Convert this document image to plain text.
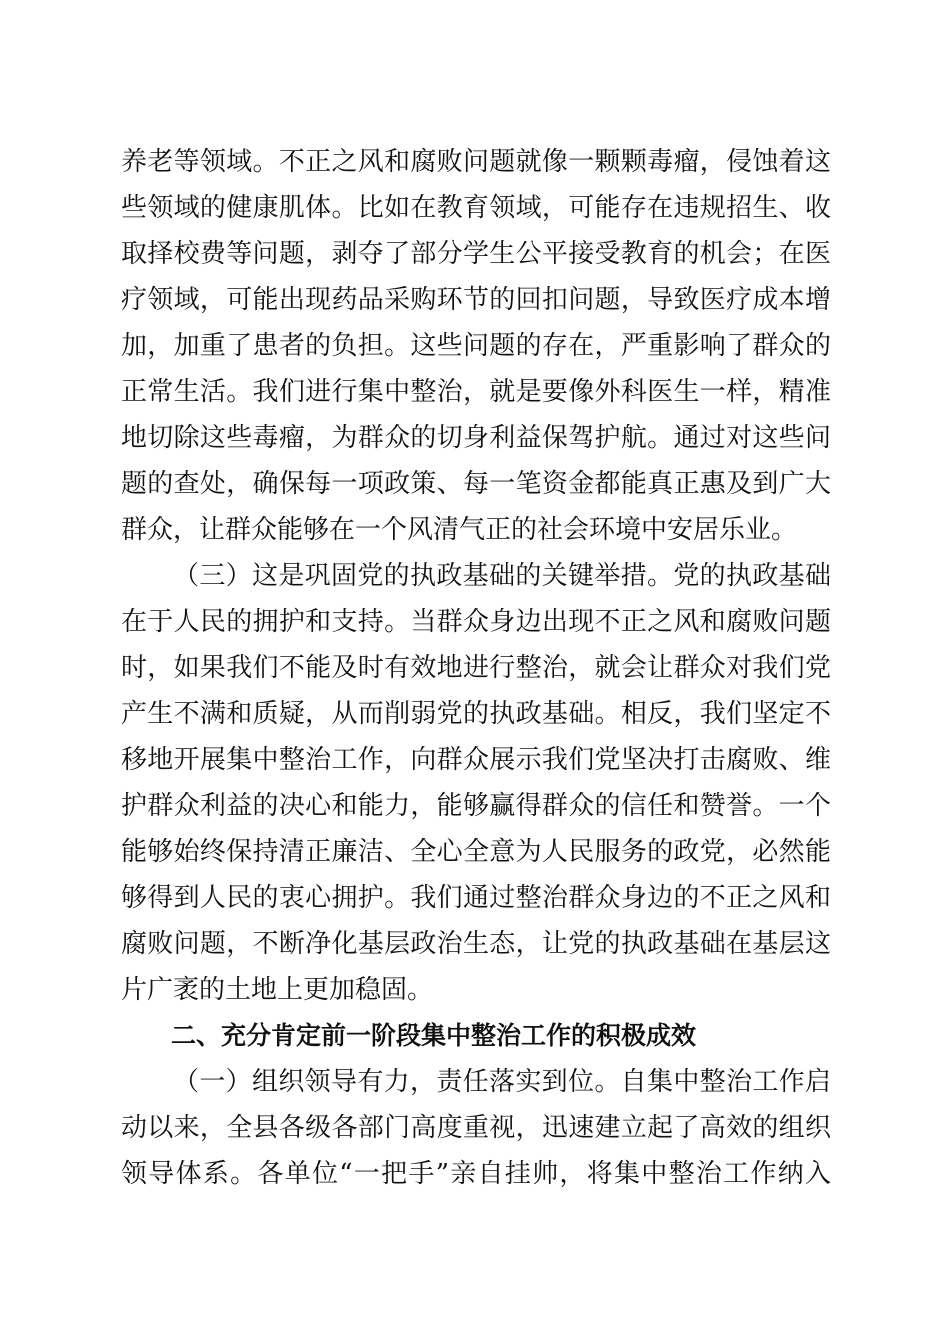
养老等领域。不正之风和腐败问题就像一颗颗毒瘤，侵蚀着这
些领域的健康肌体。比如在教育领域，可能存在违规招生、收
取择校费等问题，剥夺了部分学生公平接受教育的机会；在医
疗领域，可能出现药品采购环节的回扣问题，导致医疗成本增
加，加重了患者的负担。这些问题的存在，严重影响了群众的
正常生活。我们进行集中整治，就是要像外科医生一样，精准
地切除这些毒瘤，为群众的切身利益保驾护航。通过对这些问
题的查处，确保每一项政策、每一笔资金都能真正惠及到广大
群众，让群众能够在一个风清气正的社会环境中安居乐业。
（三）这是巩固党的执政基础的关键举措。党的执政基础
在于人民的拥护和支持。当群众身边出现不正之风和腐败问题
时，如果我们不能及时有效地进行整治，就会让群众对我们党
产生不满和质疑，从而削弱党的执政基础。相反，我们坚定不
移地开展集中整治工作，向群众展示我们党坚决打击腐败、维
护群众利益的决心和能力，能够赢得群众的信任和赞誉。一个
能够始终保持清正廉洁、全心全意为人民服务的政党，必然能
够得到人民的衷心拥护。我们通过整治群众身边的不正之风和
腐败问题，不断净化基层政治生态，让党的执政基础在基层这
片广袤的土地上更加稳固。
二、充分肯定前一阶段集中整治工作的积极成效
（一）组织领导有力，责任落实到位。自集中整治工作启
动以来，全县各级各部门高度重视，迅速建立起了高效的组织
领导体系。各单位“一把手”亲自挂帅，将集中整治工作纳入
